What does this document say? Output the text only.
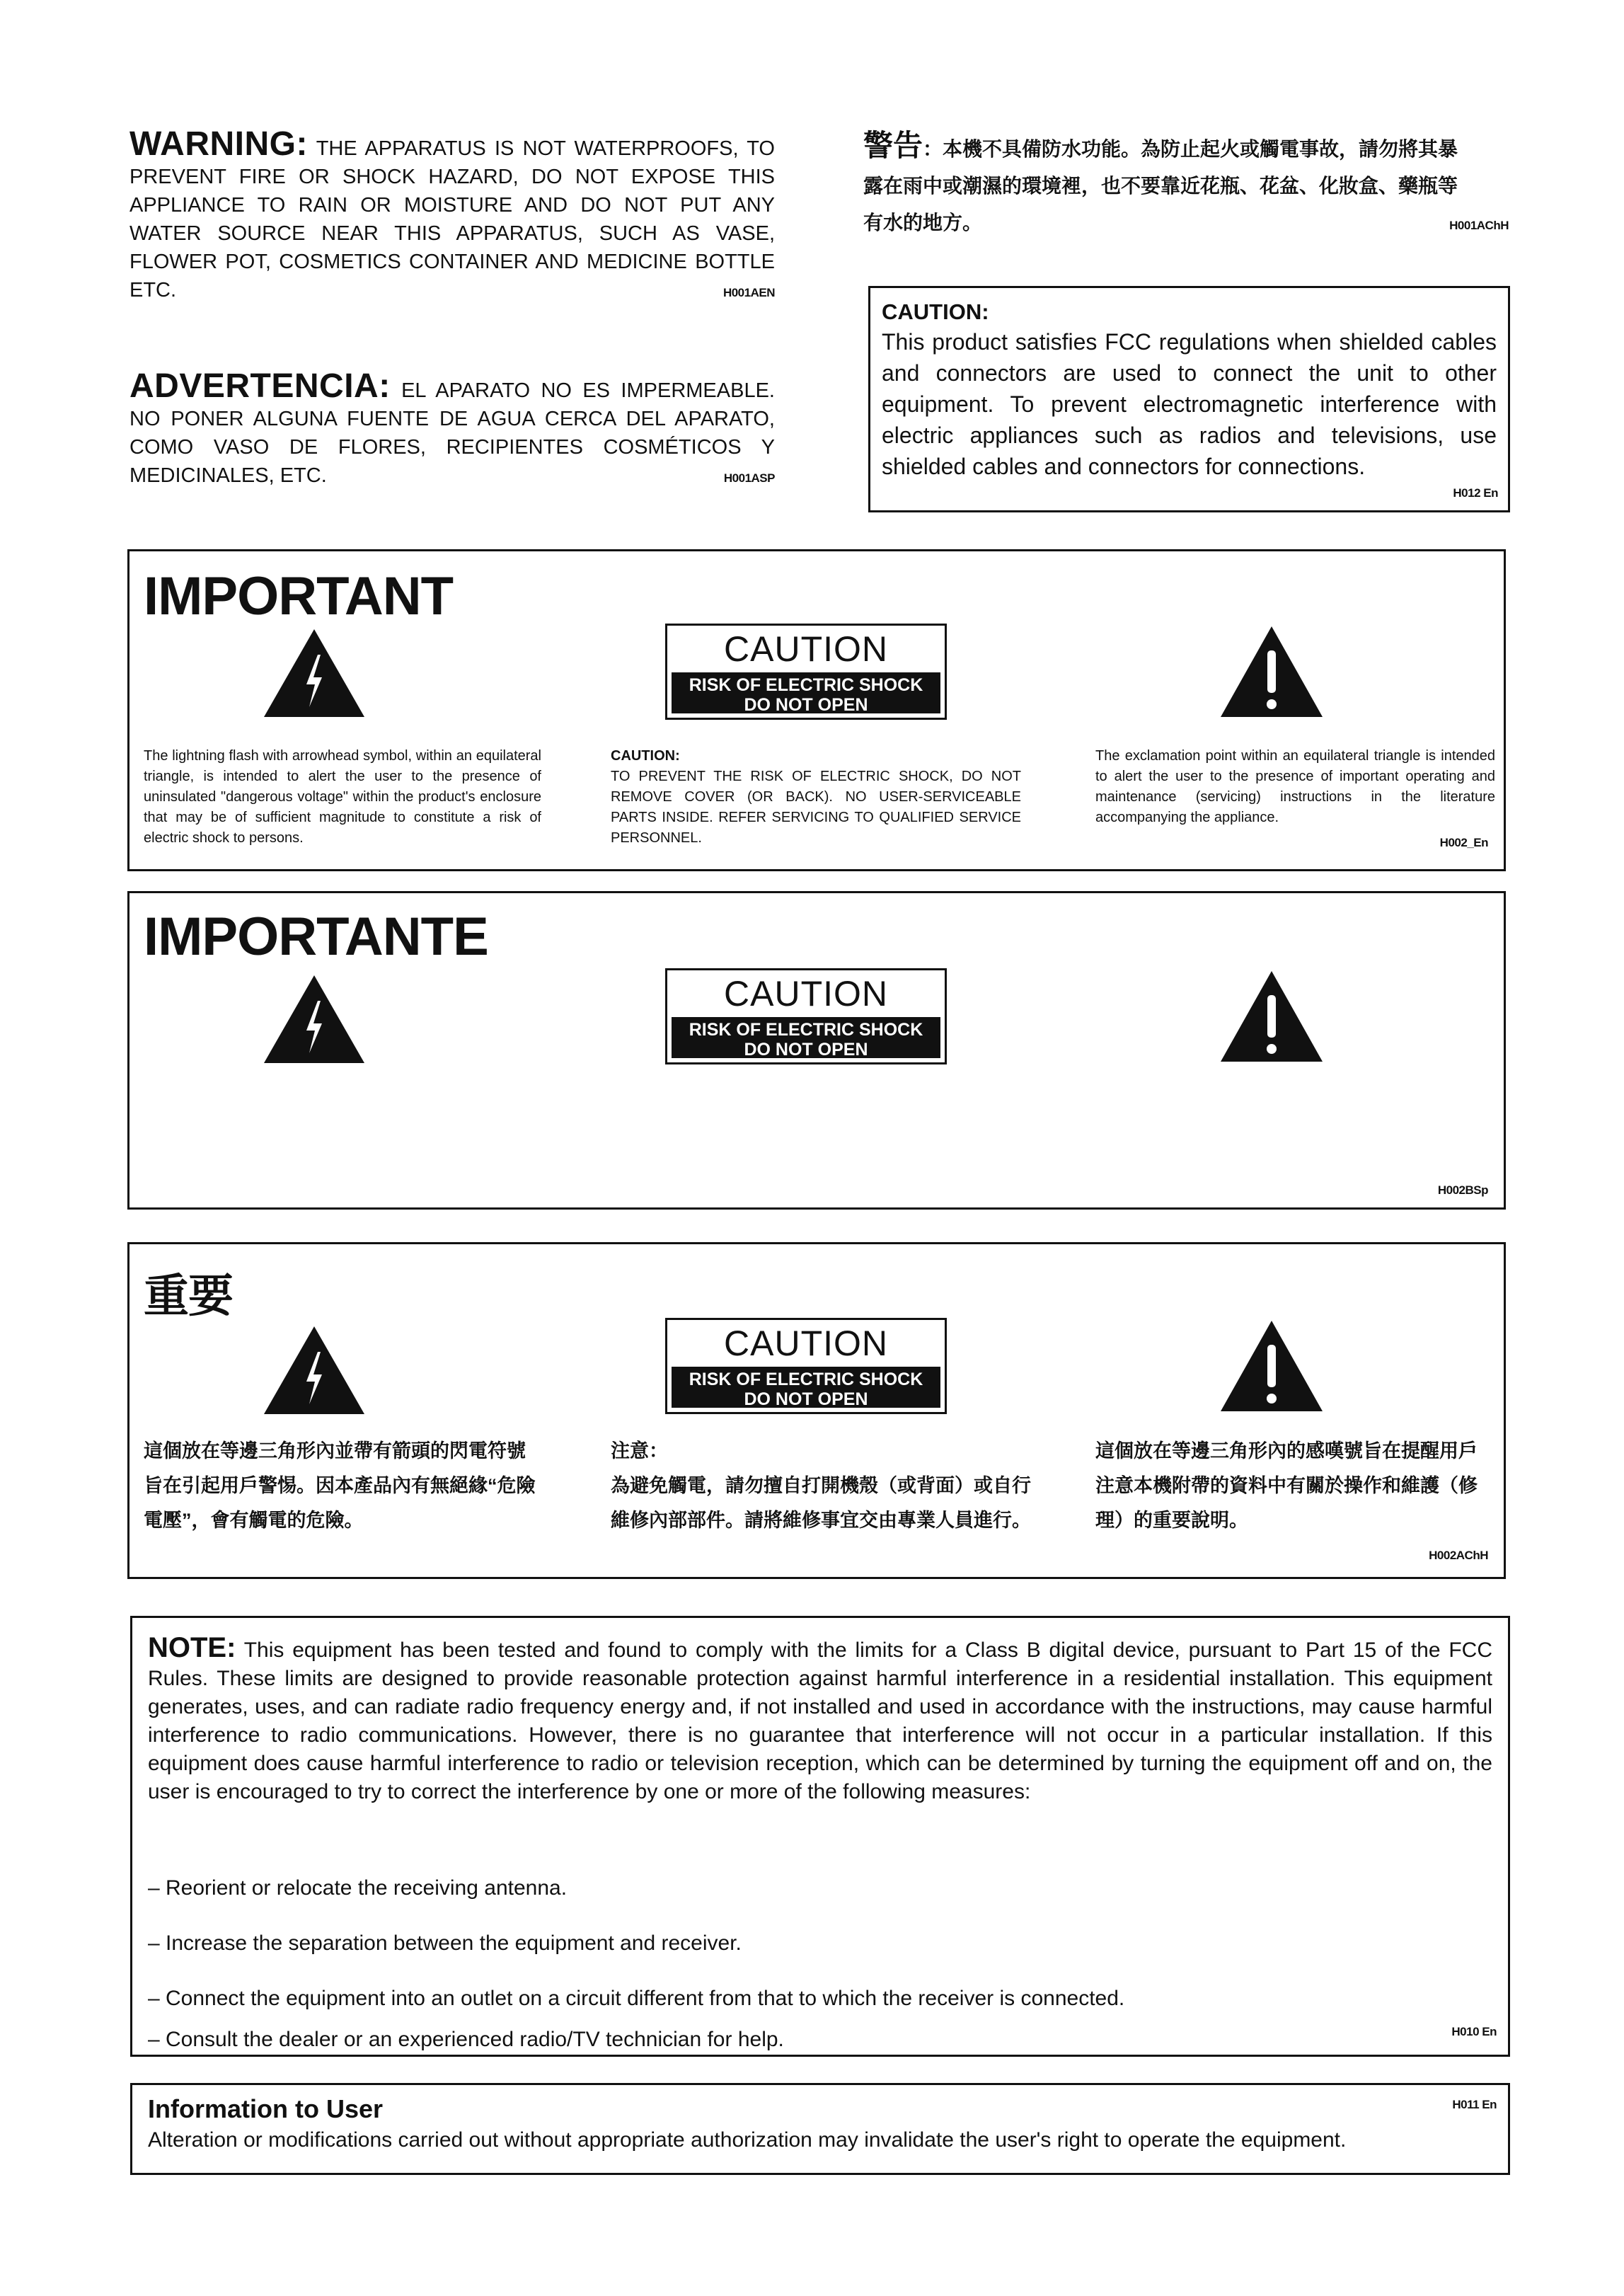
WARNING: THE APPARATUS IS NOT WATERPROOFS, TO
PREVENT FIRE OR SHOCK HAZARD, DO NOT EXPOSE THIS
APPLIANCE TO RAIN OR MOISTURE AND DO NOT PUT ANY
WATER SOURCE NEAR THIS APPARATUS, SUCH AS VASE,
FLOWER POT, COSMETICS CONTAINER AND MEDICINE BOTTLE
ETC.	H001AEN
ADVERTENCIA: EL APARATO NO ES IMPERMEABLE.
NO PONER ALGUNA FUENTE DE AGUA CERCA DEL APARATO,
COMO VASO DE FLORES, RECIPIENTES COSMÉTICOS Y
MEDICINALES, ETC.	H001ASP
警告：本機不具備防水功能。為防止起火或觸電事故，請勿將其暴
露在雨中或潮濕的環境裡，也不要靠近花瓶、花盆、化妝盒、藥瓶等
有水的地方。	H001AChH
CAUTION:
This product satisfies FCC regulations when shielded cables and connectors are used to connect the unit to other equipment. To prevent electromagnetic interference with electric appliances such as radios and televisions, use shielded cables and connectors for connections.
H012 En
IMPORTANT
CAUTION
RISK OF ELECTRIC SHOCK
DO NOT OPEN
The lightning flash with arrowhead symbol, within an equilateral triangle, is intended to alert the user to the presence of uninsulated "dangerous voltage" within the product's enclosure that may be of sufficient magnitude to constitute a risk of electric shock to persons.
CAUTION:
TO PREVENT THE RISK OF ELECTRIC SHOCK, DO NOT REMOVE COVER (OR BACK). NO USER-SERVICEABLE PARTS INSIDE. REFER SERVICING TO QUALIFIED SERVICE PERSONNEL.
The exclamation point within an equilateral triangle is intended to alert the user to the presence of important operating and maintenance (servicing) instructions in the literature accompanying the appliance.
H002_En
IMPORTANTE
CAUTION
RISK OF ELECTRIC SHOCK
DO NOT OPEN
H002BSp
重要
CAUTION
RISK OF ELECTRIC SHOCK
DO NOT OPEN
這個放在等邊三角形內並帶有箭頭的閃電符號旨在引起用戶警惕。因本產品內有無絕緣“危險電壓”，會有觸電的危險。
注意：
為避免觸電，請勿擅自打開機殼（或背面）或自行維修內部部件。請將維修事宜交由專業人員進行。
這個放在等邊三角形內的感嘆號旨在提醒用戶注意本機附帶的資料中有關於操作和維護（修理）的重要說明。
H002AChH
NOTE: This equipment has been tested and found to comply with the limits for a Class B digital device, pursuant to Part 15 of the FCC Rules. These limits are designed to provide reasonable protection against harmful interference in a residential installation. This equipment generates, uses, and can radiate radio frequency energy and, if not installed and used in accordance with the instructions, may cause harmful interference to radio communications. However, there is no guarantee that interference will not occur in a particular installation. If this equipment does cause harmful interference to radio or television reception, which can be determined by turning the equipment off and on, the user is encouraged to try to correct the interference by one or more of the following measures:
– Reorient or relocate the receiving antenna.
– Increase the separation between the equipment and receiver.
– Connect the equipment into an outlet on a circuit different from that to which the receiver is connected.
– Consult the dealer or an experienced radio/TV technician for help.	H010 En
Information to User
Alteration or modifications carried out without appropriate authorization may invalidate the user's right to operate the equipment.
H011 En
